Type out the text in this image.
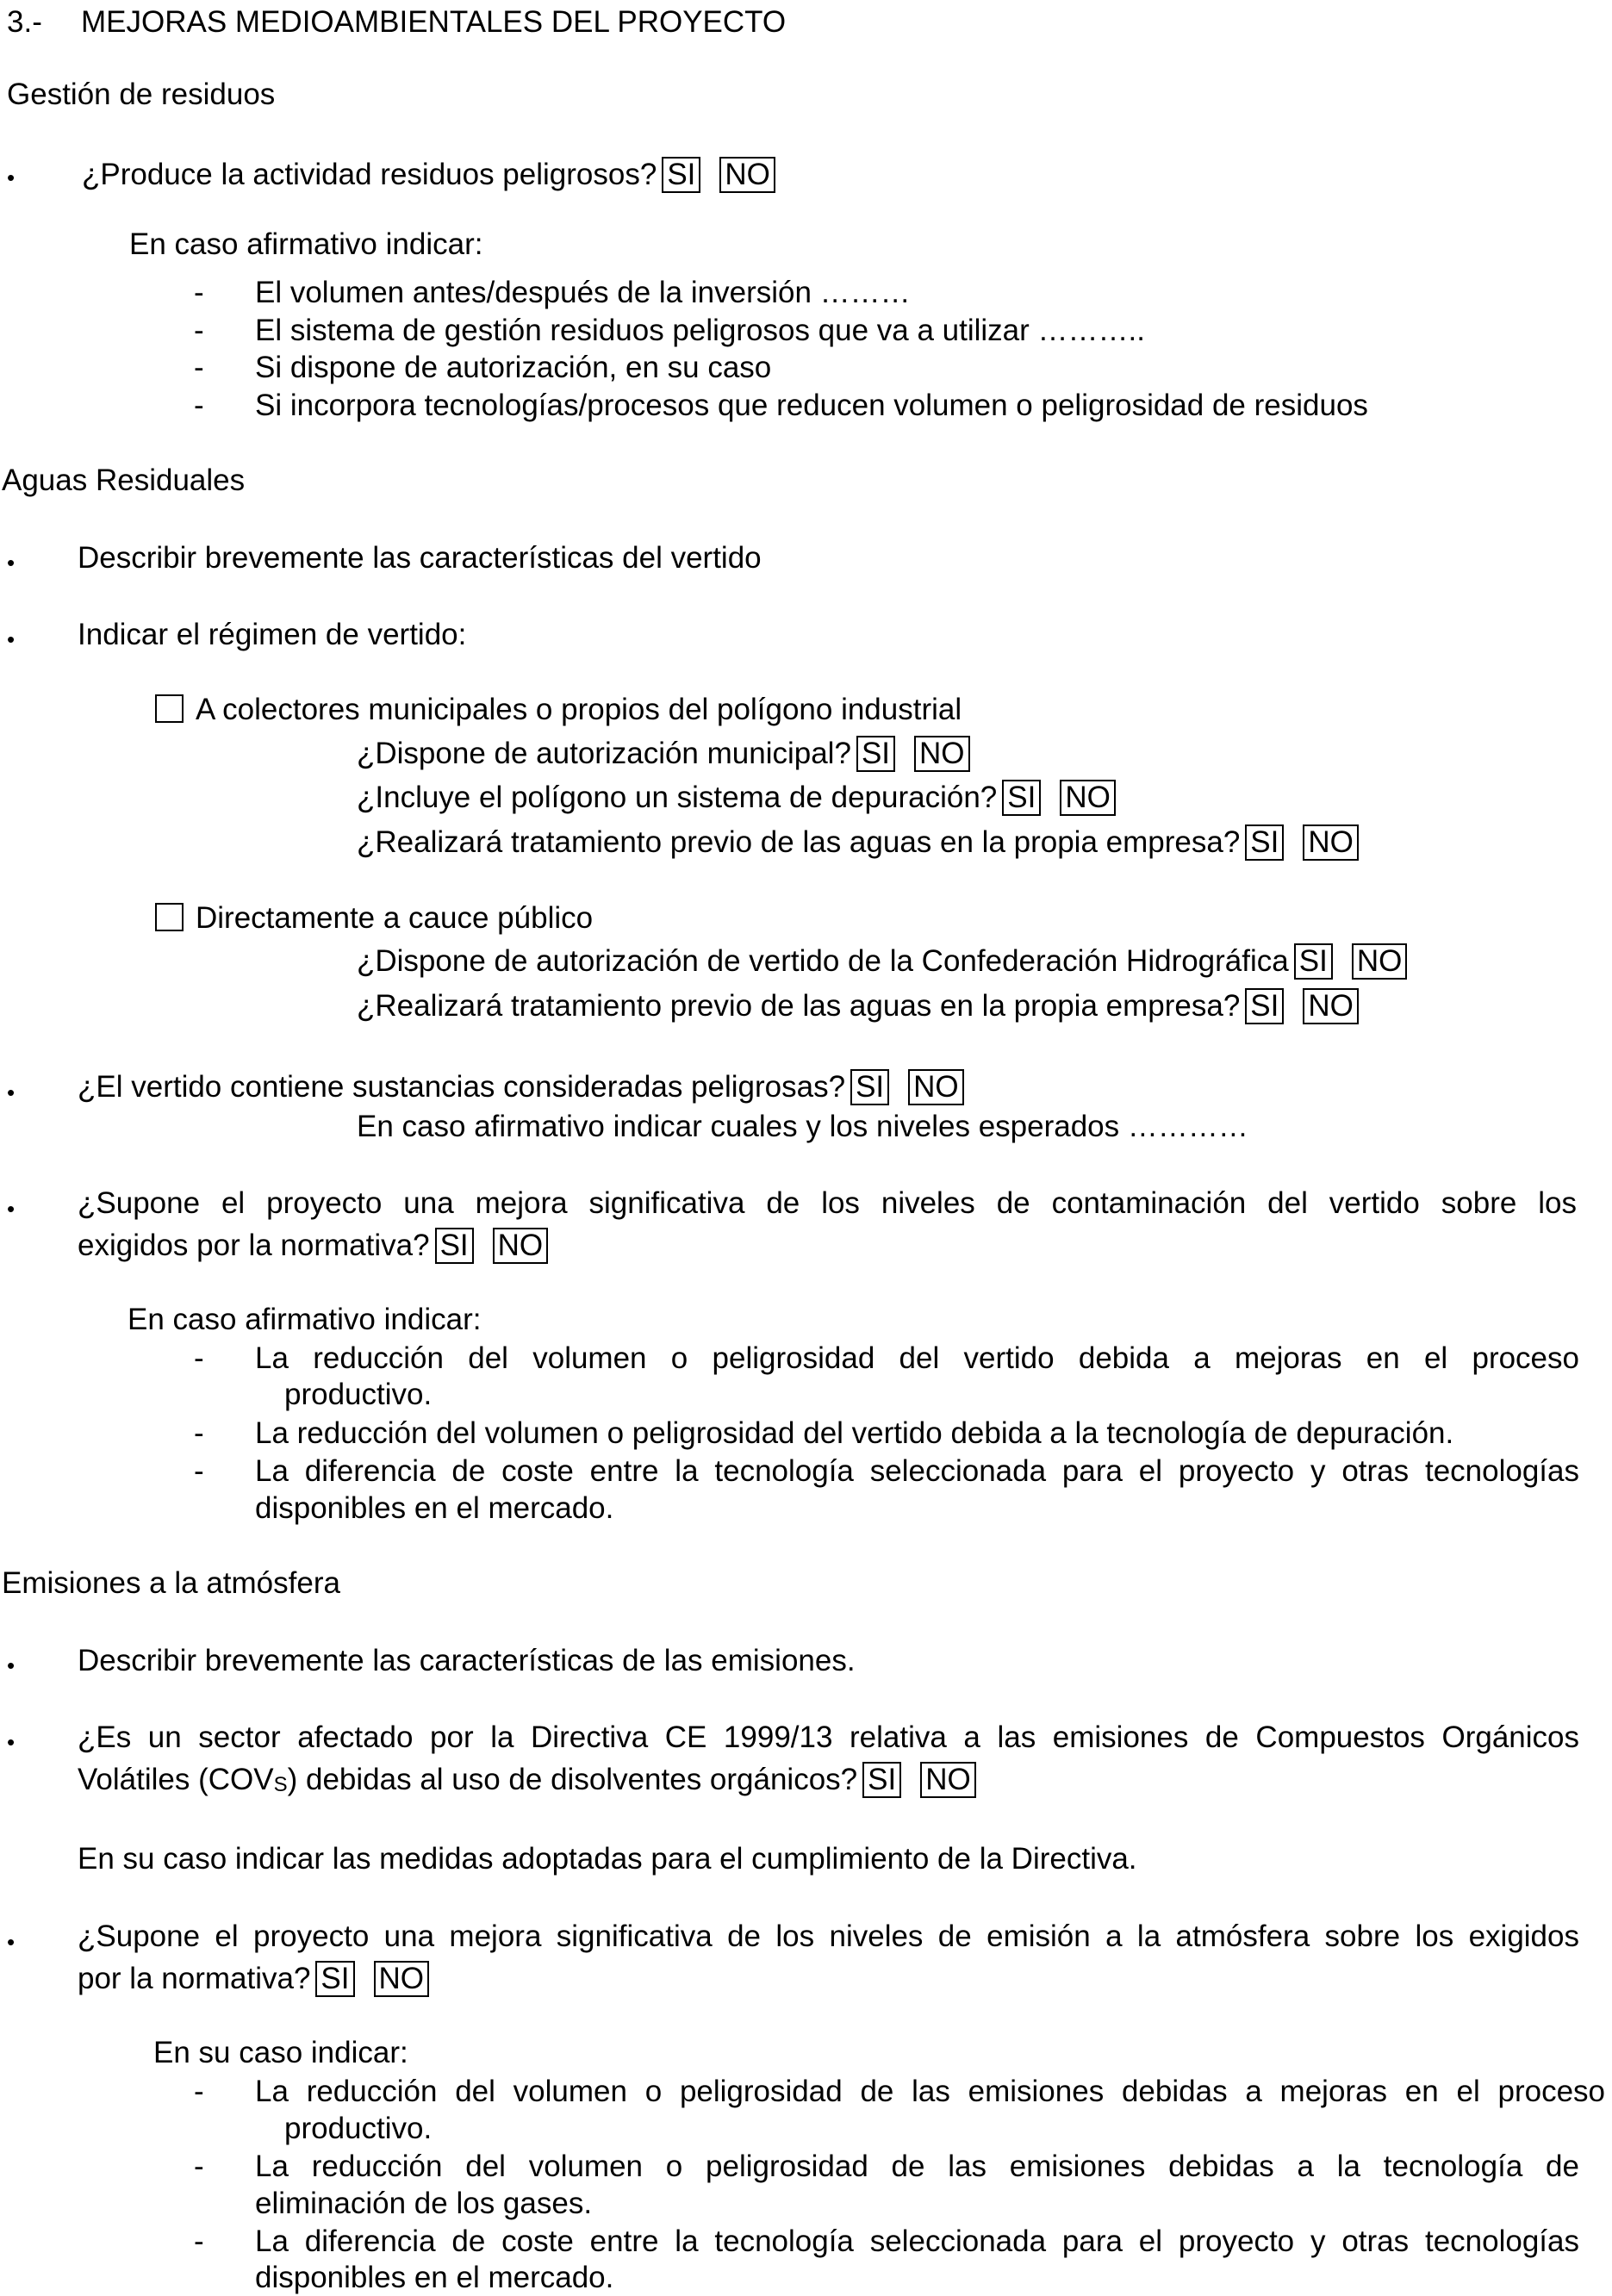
3.- MEJORAS MEDIOAMBIENTALES DEL PROYECTO
Gestión de residuos
• ¿Produce la actividad residuos peligrosos? SI NO
En caso afirmativo indicar:
- El volumen antes/después de la inversión ………
- El sistema de gestión residuos peligrosos que va a utilizar ………..
- Si dispone de autorización, en su caso
- Si incorpora tecnologías/procesos que reducen volumen o peligrosidad de residuos
Aguas Residuales
• Describir brevemente las características del vertido
• Indicar el régimen de vertido:
A colectores municipales o propios del polígono industrial
¿Dispone de autorización municipal? SI NO
¿Incluye el polígono un sistema de depuración? SI NO
¿Realizará tratamiento previo de las aguas en la propia empresa? SI NO
Directamente a cauce público
¿Dispone de autorización de vertido de la Confederación Hidrográfica SI NO
¿Realizará tratamiento previo de las aguas en la propia empresa? SI NO
• ¿El vertido contiene sustancias consideradas peligrosas? SI NO
En caso afirmativo indicar cuales y los niveles esperados …………
• ¿Supone el proyecto una mejora significativa de los niveles de contaminación del vertido sobre los
exigidos por la normativa? SI NO
En caso afirmativo indicar:
- La reducción del volumen o peligrosidad del vertido debida a mejoras en el proceso
productivo.
- La reducción del volumen o peligrosidad del vertido debida a la tecnología de depuración.
- La diferencia de coste entre la tecnología seleccionada para el proyecto y otras tecnologías
disponibles en el mercado.
Emisiones a la atmósfera
• Describir brevemente las características de las emisiones.
• ¿Es un sector afectado por la Directiva CE 1999/13 relativa a las emisiones de Compuestos Orgánicos
Volátiles $(COV_S)$ debidas al uso de disolventes orgánicos? SI NO
En su caso indicar las medidas adoptadas para el cumplimiento de la Directiva.
• ¿Supone el proyecto una mejora significativa de los niveles de emisión a la atmósfera sobre los exigidos
por la normativa? SI NO
En su caso indicar:
- La reducción del volumen o peligrosidad de las emisiones debidas a mejoras en el proceso
productivo.
- La reducción del volumen o peligrosidad de las emisiones debidas a la tecnología de
eliminación de los gases.
- La diferencia de coste entre la tecnología seleccionada para el proyecto y otras tecnologías
disponibles en el mercado.
